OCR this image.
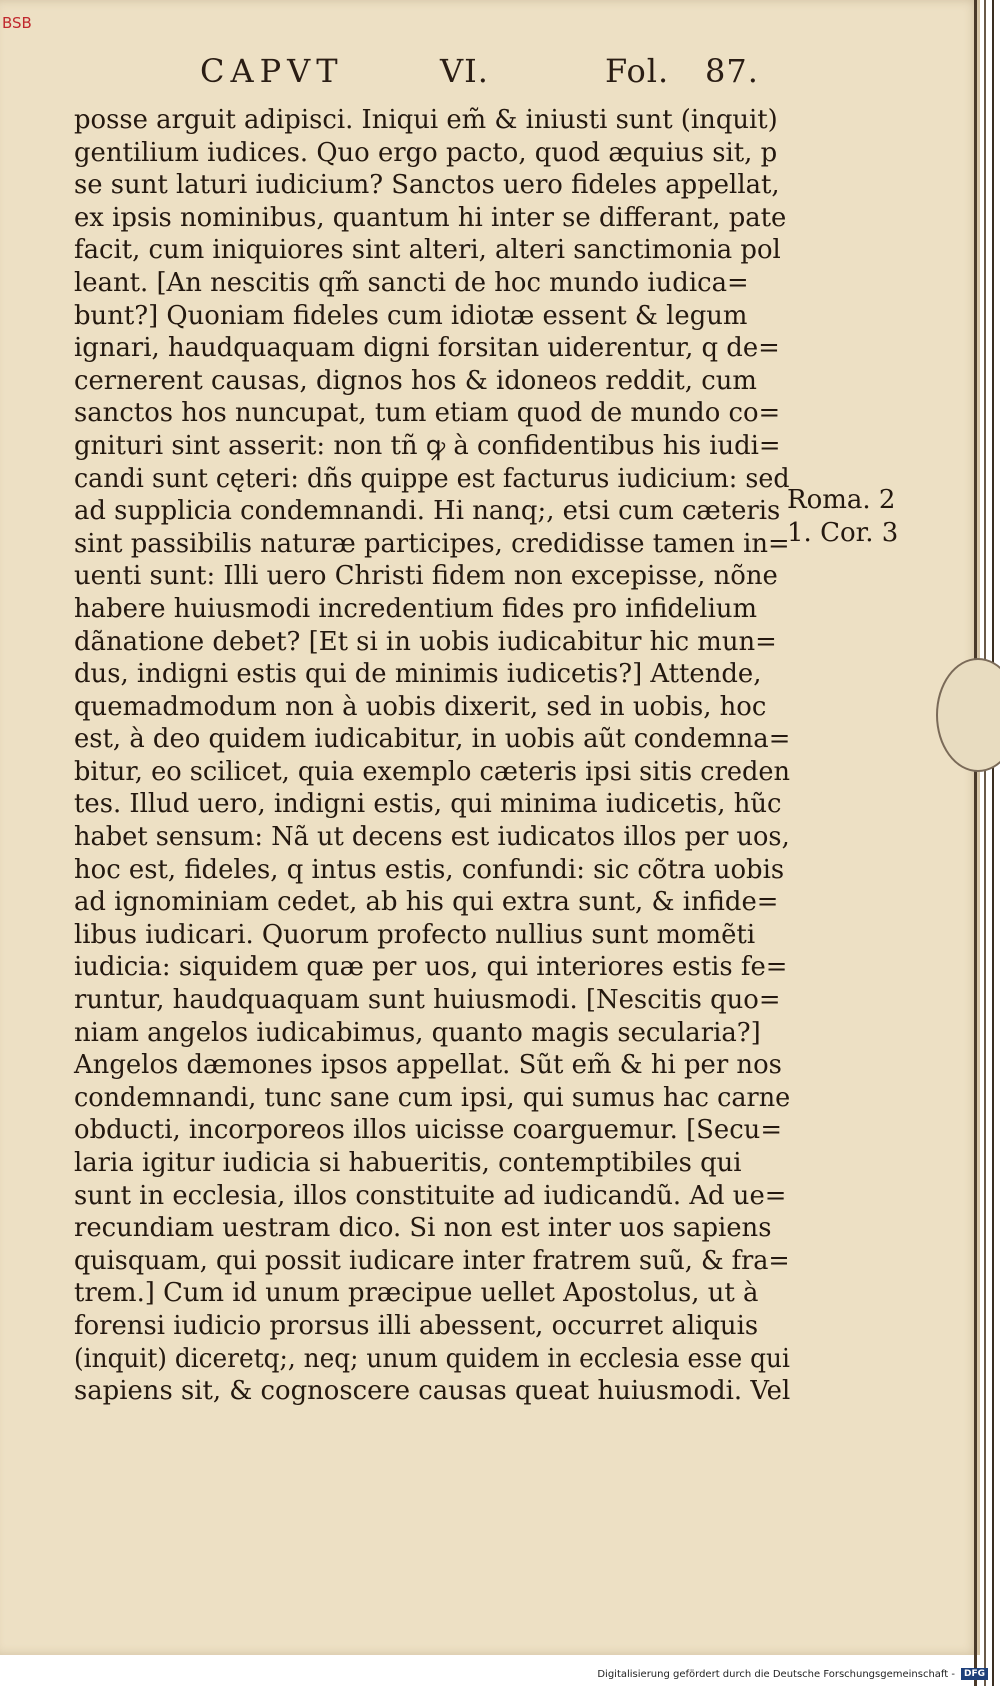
BSB
CAPVT	VI.	Fol. 87.
posse arguit adipisci. Iniqui em̃ & iniusti sunt (inquit)
gentilium iudices. Quo ergo pacto, quod æquius sit, p
se sunt laturi iudicium? Sanctos uero fideles appellat,
ex ipsis nominibus, quantum hi inter se differant, pate
facit, cum iniquiores sint alteri, alteri sanctimonia pol
leant. [An nescitis qm̃ sancti de hoc mundo iudica=
bunt?] Quoniam fideles cum idiotæ essent & legum
ignari, haudquaquam digni forsitan uiderentur, q de=
cernerent causas, dignos hos & idoneos reddit, cum
sanctos hos nuncupat, tum etiam quod de mundo co=
gnituri sint asserit: non tñ ꝙ à confidentibus his iudi=
candi sunt cęteri: dñs quippe est facturus iudicium: sed
ad supplicia condemnandi. Hi nanq;, etsi cum cæteris
sint passibilis naturæ participes, credidisse tamen in=
uenti sunt: Illi uero Christi fidem non excepisse, nõne
habere huiusmodi incredentium fides pro infidelium
dãnatione debet? [Et si in uobis iudicabitur hic mun=
dus, indigni estis qui de minimis iudicetis?] Attende,
quemadmodum non à uobis dixerit, sed in uobis, hoc
est, à deo quidem iudicabitur, in uobis aũt condemna=
bitur, eo scilicet, quia exemplo cæteris ipsi sitis creden
tes. Illud uero, indigni estis, qui minima iudicetis, hũc
habet sensum: Nã ut decens est iudicatos illos per uos,
hoc est, fideles, q intus estis, confundi: sic cõtra uobis
ad ignominiam cedet, ab his qui extra sunt, & infide=
libus iudicari. Quorum profecto nullius sunt momẽti
iudicia: siquidem quæ per uos, qui interiores estis fe=
runtur, haudquaquam sunt huiusmodi. [Nescitis quo=
niam angelos iudicabimus, quanto magis secularia?]
Angelos dæmones ipsos appellat. Sũt em̃ & hi per nos
condemnandi, tunc sane cum ipsi, qui sumus hac carne
obducti, incorporeos illos uicisse coarguemur. [Secu=
laria igitur iudicia si habueritis, contemptibiles qui
sunt in ecclesia, illos constituite ad iudicandũ. Ad ue=
recundiam uestram dico. Si non est inter uos sapiens
quisquam, qui possit iudicare inter fratrem suũ, & fra=
trem.] Cum id unum præcipue uellet Apostolus, ut à
forensi iudicio prorsus illi abessent, occurret aliquis
(inquit) diceretq;, neq; unum quidem in ecclesia esse qui
sapiens sit, & cognoscere causas queat huiusmodi. Vel
Roma. 2
1. Cor. 3
Digitalisierung gefördert durch die Deutsche Forschungsgemeinschaft -	DFG
